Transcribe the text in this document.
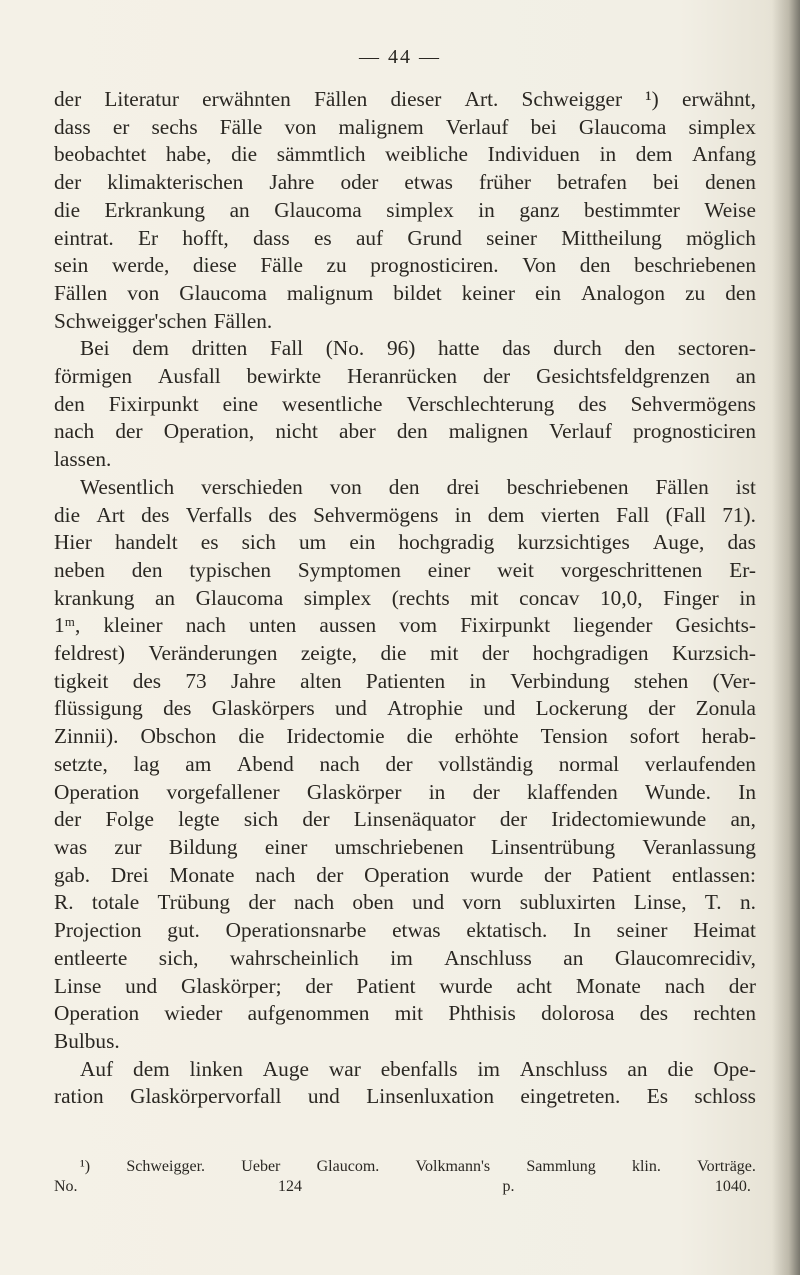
— 44 —
der Literatur erwähnten Fällen dieser Art. Schweigger ¹) erwähnt,
dass er sechs Fälle von malignem Verlauf bei Glaucoma simplex
beobachtet habe, die sämmtlich weibliche Individuen in dem Anfang
der klimakterischen Jahre oder etwas früher betrafen bei denen
die Erkrankung an Glaucoma simplex in ganz bestimmter Weise
eintrat. Er hofft, dass es auf Grund seiner Mittheilung möglich
sein werde, diese Fälle zu prognosticiren. Von den beschriebenen
Fällen von Glaucoma malignum bildet keiner ein Analogon zu den
Schweigger'schen Fällen.
Bei dem dritten Fall (No. 96) hatte das durch den sectoren-
förmigen Ausfall bewirkte Heranrücken der Gesichtsfeldgrenzen an
den Fixirpunkt eine wesentliche Verschlechterung des Sehvermögens
nach der Operation, nicht aber den malignen Verlauf prognosticiren
lassen.
Wesentlich verschieden von den drei beschriebenen Fällen ist
die Art des Verfalls des Sehvermögens in dem vierten Fall (Fall 71).
Hier handelt es sich um ein hochgradig kurzsichtiges Auge, das
neben den typischen Symptomen einer weit vorgeschrittenen Er-
krankung an Glaucoma simplex (rechts mit concav 10,0, Finger in
1ᵐ, kleiner nach unten aussen vom Fixirpunkt liegender Gesichts-
feldrest) Veränderungen zeigte, die mit der hochgradigen Kurzsich-
tigkeit des 73 Jahre alten Patienten in Verbindung stehen (Ver-
flüssigung des Glaskörpers und Atrophie und Lockerung der Zonula
Zinnii). Obschon die Iridectomie die erhöhte Tension sofort herab-
setzte, lag am Abend nach der vollständig normal verlaufenden
Operation vorgefallener Glaskörper in der klaffenden Wunde. In
der Folge legte sich der Linsenäquator der Iridectomiewunde an,
was zur Bildung einer umschriebenen Linsentrübung Veranlassung
gab. Drei Monate nach der Operation wurde der Patient entlassen:
R. totale Trübung der nach oben und vorn subluxirten Linse, T. n.
Projection gut. Operationsnarbe etwas ektatisch. In seiner Heimat
entleerte sich, wahrscheinlich im Anschluss an Glaucomrecidiv,
Linse und Glaskörper; der Patient wurde acht Monate nach der
Operation wieder aufgenommen mit Phthisis dolorosa des rechten
Bulbus.
Auf dem linken Auge war ebenfalls im Anschluss an die Ope-
ration Glaskörpervorfall und Linsenluxation eingetreten. Es schloss
¹) Schweigger. Ueber Glaucom. Volkmann's Sammlung klin. Vorträge.
No.	124	p.	1040.
